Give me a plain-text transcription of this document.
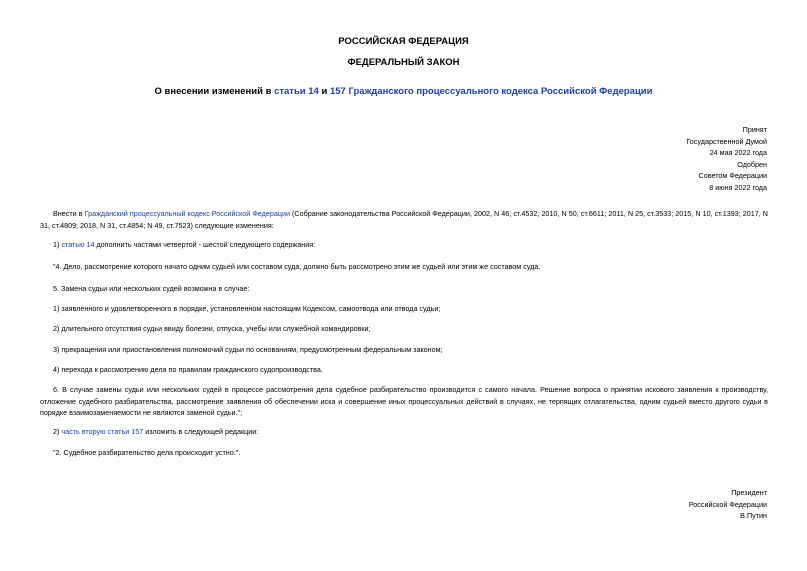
РОССИЙСКАЯ ФЕДЕРАЦИЯ
ФЕДЕРАЛЬНЫЙ ЗАКОН
О внесении изменений в статьи 14 и 157 Гражданского процессуального кодекса Российской Федерации
Принят
Государственной Думой
24 мая 2022 года
Одобрен
Советом Федерации
8 июня 2022 года

Внести в Гражданский процессуальный кодекс Российской Федерации (Собрание законодательства Российской Федерации, 2002, N 46, ст.4532; 2010, N 50, ст.6611; 2011, N 25, ст.3533; 2015, N 10, ст.1393; 2017, N 31, ст.4809; 2018, N 31, ст.4854; N 49, ст.7523) следующие изменения:

1) статью 14 дополнить частями четвертой - шестой следующего содержания:

"4. Дело, рассмотрение которого начато одним судьей или составом суда, должно быть рассмотрено этим же судьей или этим же составом суда.

5. Замена судьи или нескольких судей возможна в случае:

1) заявленного и удовлетворенного в порядке, установленном настоящим Кодексом, самоотвода или отвода судьи;

2) длительного отсутствия судьи ввиду болезни, отпуска, учебы или служебной командировки;

3) прекращения или приостановления полномочий судьи по основаниям, предусмотренным федеральным законом;

4) перехода к рассмотрению дела по правилам гражданского судопроизводства.

6. В случае замены судьи или нескольких судей в процессе рассмотрения дела судебное разбирательство производится с самого начала. Решение вопроса о принятии искового заявления к производству, отложение судебного разбирательства, рассмотрение заявления об обеспечении иска и совершение иных процессуальных действий в случаях, не терпящих отлагательства, одним судьей вместо другого судьи в порядке взаимозаменяемости не являются заменой судьи.";

2) часть вторую статьи 157 изложить в следующей редакции:

"2. Судебное разбирательство дела происходит устно.".

Президент
Российской Федерации
В.Путин
